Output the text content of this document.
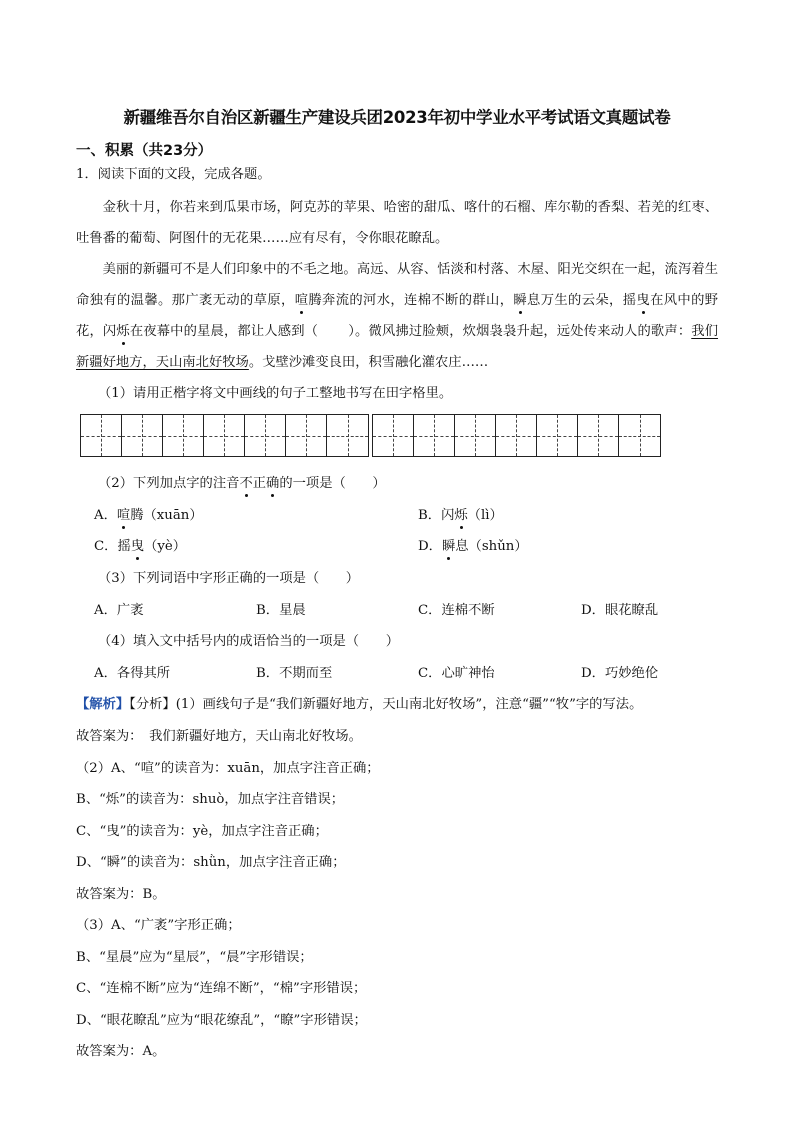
新疆维吾尔自治区新疆生产建设兵团2023年初中学业水平考试语文真题试卷
一、积累（共23分）
1．阅读下面的文段，完成各题。
金秋十月，你若来到瓜果市场，阿克苏的苹果、哈密的甜瓜、喀什的石榴、库尔勒的香梨、若羌的红枣、吐鲁番的葡萄、阿图什的无花果……应有尽有，令你眼花瞭乱。
美丽的新疆可不是人们印象中的不毛之地。高远、从容、恬淡和村落、木屋、阳光交织在一起，流泻着生命独有的温馨。那广袤无动的草原，喧腾奔流的河水，连棉不断的群山，瞬息万生的云朵，摇曳在风中的野花，闪烁在夜幕中的星晨，都让人感到（ ）。微风拂过脸颊，炊烟袅袅升起，远处传来动人的歌声：我们新疆好地方，天山南北好牧场。戈壁沙滩变良田，积雪融化灌农庄……
（1）请用正楷字将文中画线的句子工整地书写在田字格里。
（2）下列加点字的注音不正确的一项是（　　）
A．喧腾（xuān）	B．闪烁（lì）
C．摇曳（yè）	D．瞬息（shǔn）
（3）下列词语中字形正确的一项是（　　）
A．广袤	B．星晨	C．连棉不断	D．眼花瞭乱
（4）填入文中括号内的成语恰当的一项是（　　）
A．各得其所	B．不期而至	C．心旷神怡	D．巧妙绝伦
【解析】【分析】(1）画线句子是“我们新疆好地方，天山南北好牧场”，注意“疆”“牧”字的写法。
故答案为：　我们新疆好地方，天山南北好牧场。
（2）A、“喧”的读音为：xuān，加点字注音正确；
B、“烁”的读音为：shuò，加点字注音错误；
C、“曳”的读音为：yè，加点字注音正确；
D、“瞬”的读音为：shǜn，加点字注音正确；
故答案为：B。
（3）A、“广袤”字形正确；
B、“星晨”应为“星辰”，“晨”字形错误；
C、“连棉不断”应为“连绵不断”，“棉”字形错误；
D、“眼花瞭乱”应为“眼花缭乱”，“瞭”字形错误；
故答案为：A。
